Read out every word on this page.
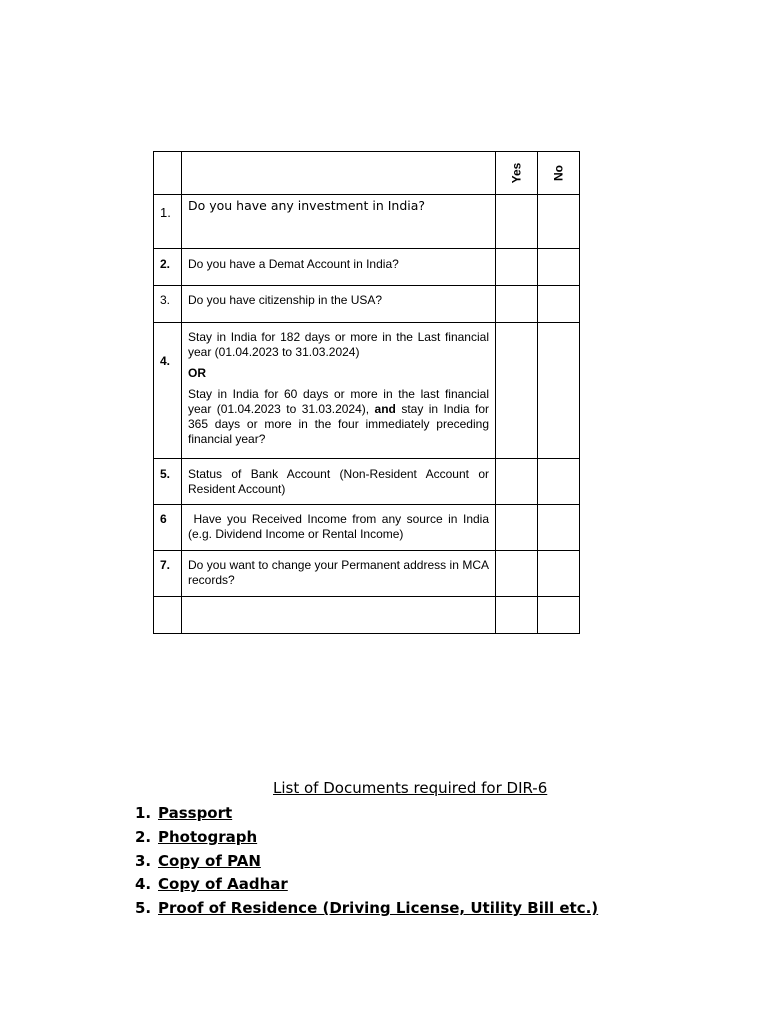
		Yes	No

1.	Do you have any investment in India?		

2.	Do you have a Demat Account in India?		

3.	Do you have citizenship in the USA?		

4.	Stay in India for 182 days or more in the Last financial year (01.04.2023 to 31.03.2024)
OR
Stay in India for 60 days or more in the last financial year (01.04.2023 to 31.03.2024), and stay in India for 365 days or more in the four immediately preceding financial year?		

5.	Status of Bank Account (Non-Resident Account or Resident Account)		

6	Have you Received Income from any source in India (e.g. Dividend Income or Rental Income)		

7.	Do you want to change your Permanent address in MCA records?		

List of Documents required for DIR-6
1. Passport
2. Photograph
3. Copy of PAN
4. Copy of Aadhar
5. Proof of Residence (Driving License, Utility Bill etc.)
